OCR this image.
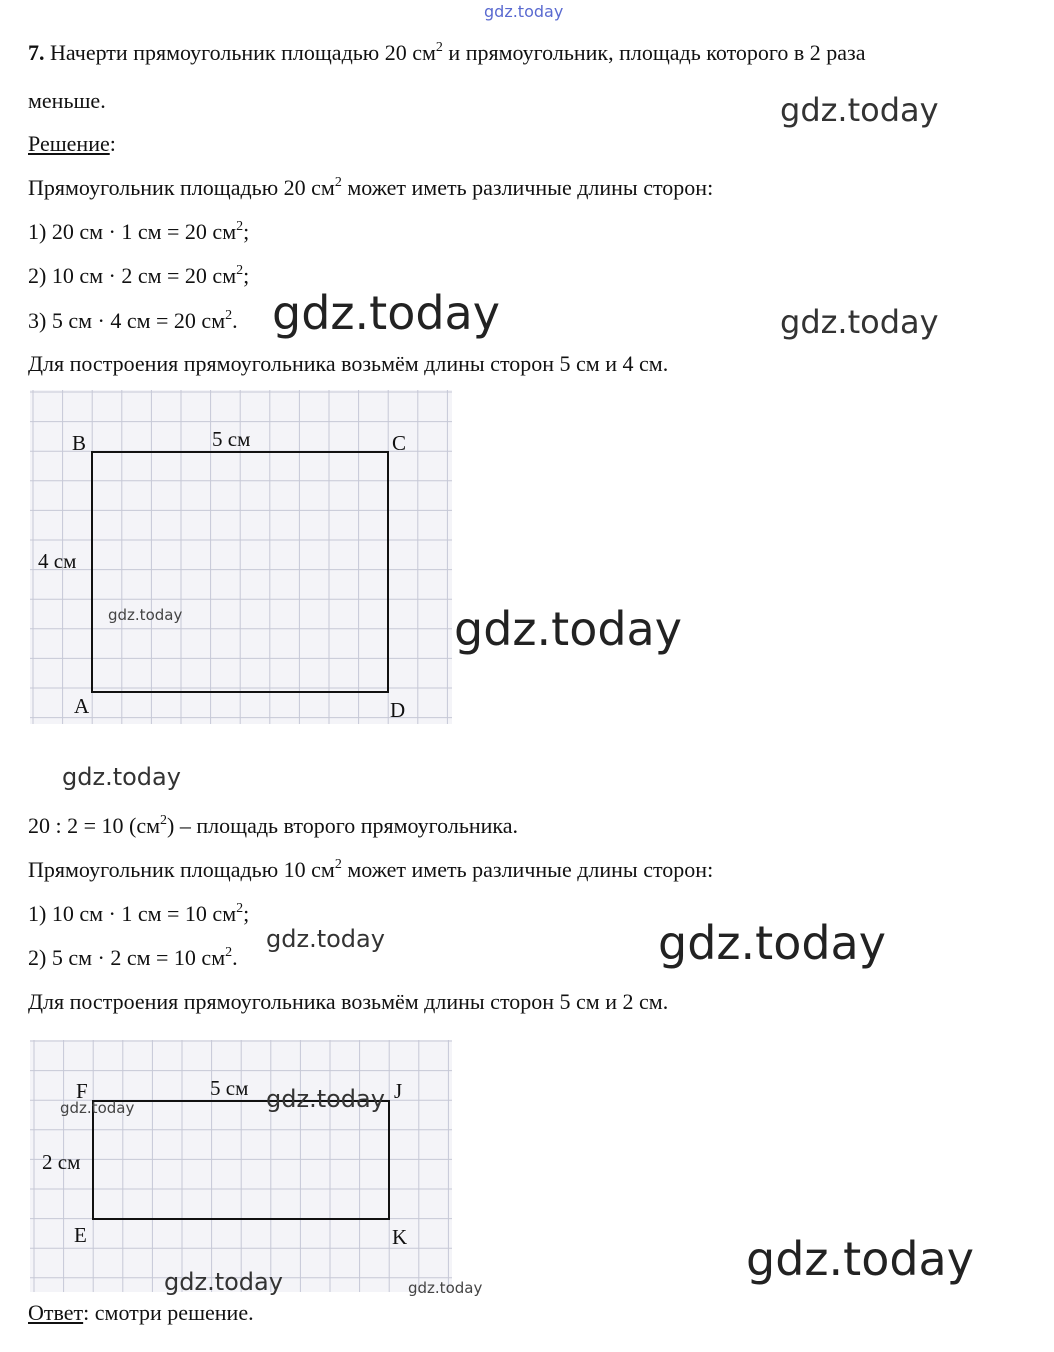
gdz.today
7. Начерти прямоугольник площадью 20 $см^2$ и прямоугольник, площадь которого в 2 раза
меньше.
Решение:
Прямоугольник площадью 20 $см^2$ может иметь различные длины сторон:
1) 20 см · 1 см = 20 $см^2$;
2) 10 см · 2 см = 20 $см^2$;
3) 5 см · 4 см = 20 $см^2$.
Для построения прямоугольника возьмём длины сторон 5 см и 4 см.
B	C
A	D
5 см
4 см
20 : 2 = 10 $(см^2)$ – площадь второго прямоугольника.
Прямоугольник площадью 10 $см^2$ может иметь различные длины сторон:
1) 10 см · 1 см = 10 $см^2$;
2) 5 см · 2 см = 10 $см^2$.
Для построения прямоугольника возьмём длины сторон 5 см и 2 см.
F	J
E	K
5 см
2 см
Ответ: смотри решение.
gdz.today
gdz.today	gdz.today
gdz.today	gdz.today
gdz.today
gdz.today	gdz.today
gdz.today
gdz.today
gdz.today
gdz.today	gdz.today
